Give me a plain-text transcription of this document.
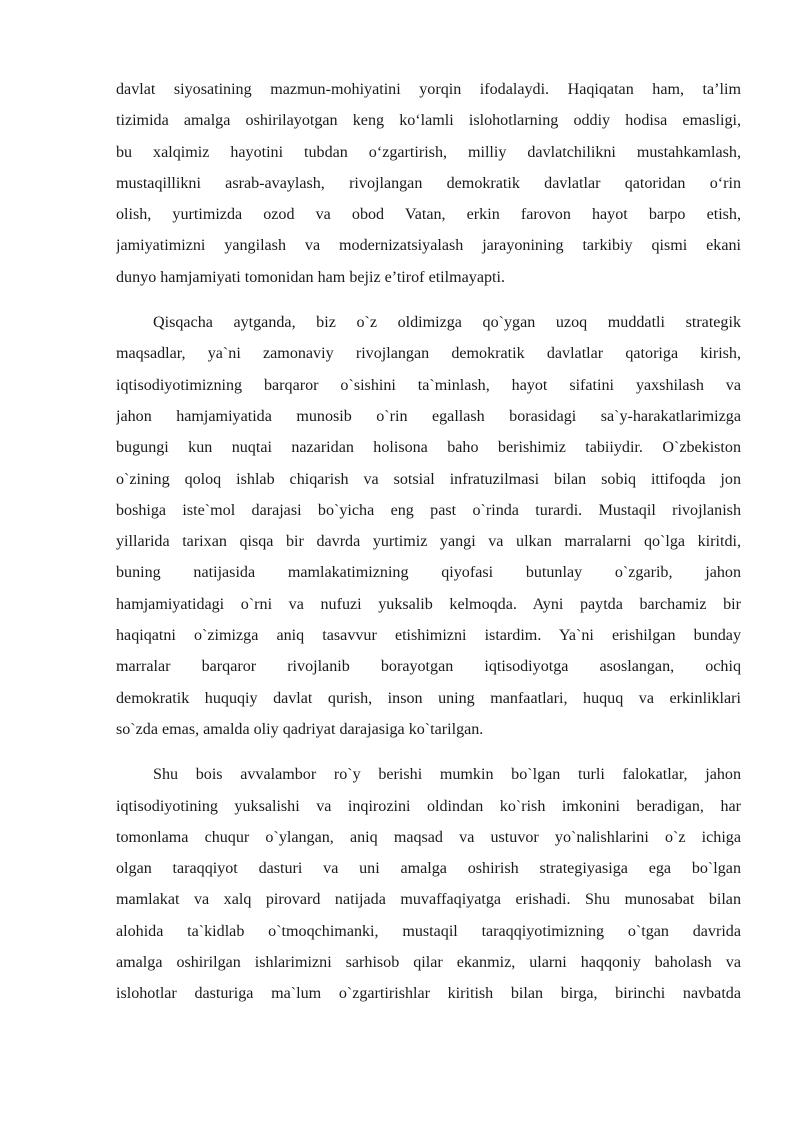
davlat siyosatining mazmun-mohiyatini yorqin ifodalaydi. Haqiqatan ham, ta’lim
tizimida amalga oshirilayotgan keng ko‘lamli islohotlarning oddiy hodisa emasligi,
bu xalqimiz hayotini tubdan o‘zgartirish, milliy davlatchilikni mustahkamlash,
mustaqillikni asrab-avaylash, rivojlangan demokratik davlatlar qatoridan o‘rin
olish, yurtimizda ozod va obod Vatan, erkin farovon hayot barpo etish,
jamiyatimizni yangilash va modernizatsiyalash jarayonining tarkibiy qismi ekani
dunyo hamjamiyati tomonidan ham bejiz e’tirof etilmayapti.
Qisqacha aytganda, biz o`z oldimizga qo`ygan uzoq muddatli strategik
maqsadlar, ya`ni zamonaviy rivojlangan demokratik davlatlar qatoriga kirish,
iqtisodiyotimizning barqaror o`sishini ta`minlash, hayot sifatini yaxshilash va
jahon hamjamiyatida munosib o`rin egallash borasidagi sa`y-harakatlarimizga
bugungi kun nuqtai nazaridan holisona baho berishimiz tabiiydir. O`zbekiston
o`zining qoloq ishlab chiqarish va sotsial infratuzilmasi bilan sobiq ittifoqda jon
boshiga iste`mol darajasi bo`yicha eng past o`rinda turardi. Mustaqil rivojlanish
yillarida tarixan qisqa bir davrda yurtimiz yangi va ulkan marralarni qo`lga kiritdi,
buning natijasida mamlakatimizning qiyofasi butunlay o`zgarib, jahon
hamjamiyatidagi o`rni va nufuzi yuksalib kelmoqda. Ayni paytda barchamiz bir
haqiqatni o`zimizga aniq tasavvur etishimizni istardim. Ya`ni erishilgan bunday
marralar barqaror rivojlanib borayotgan iqtisodiyotga asoslangan, ochiq
demokratik huquqiy davlat qurish, inson uning manfaatlari, huquq va erkinliklari
so`zda emas, amalda oliy qadriyat darajasiga ko`tarilgan.
Shu bois avvalambor ro`y berishi mumkin bo`lgan turli falokatlar, jahon
iqtisodiyotining yuksalishi va inqirozini oldindan ko`rish imkonini beradigan, har
tomonlama chuqur o`ylangan, aniq maqsad va ustuvor yo`nalishlarini o`z ichiga
olgan taraqqiyot dasturi va uni amalga oshirish strategiyasiga ega bo`lgan
mamlakat va xalq pirovard natijada muvaffaqiyatga erishadi. Shu munosabat bilan
alohida ta`kidlab o`tmoqchimanki, mustaqil taraqqiyotimizning o`tgan davrida
amalga oshirilgan ishlarimizni sarhisob qilar ekanmiz, ularni haqqoniy baholash va
islohotlar dasturiga ma`lum o`zgartirishlar kiritish bilan birga, birinchi navbatda
